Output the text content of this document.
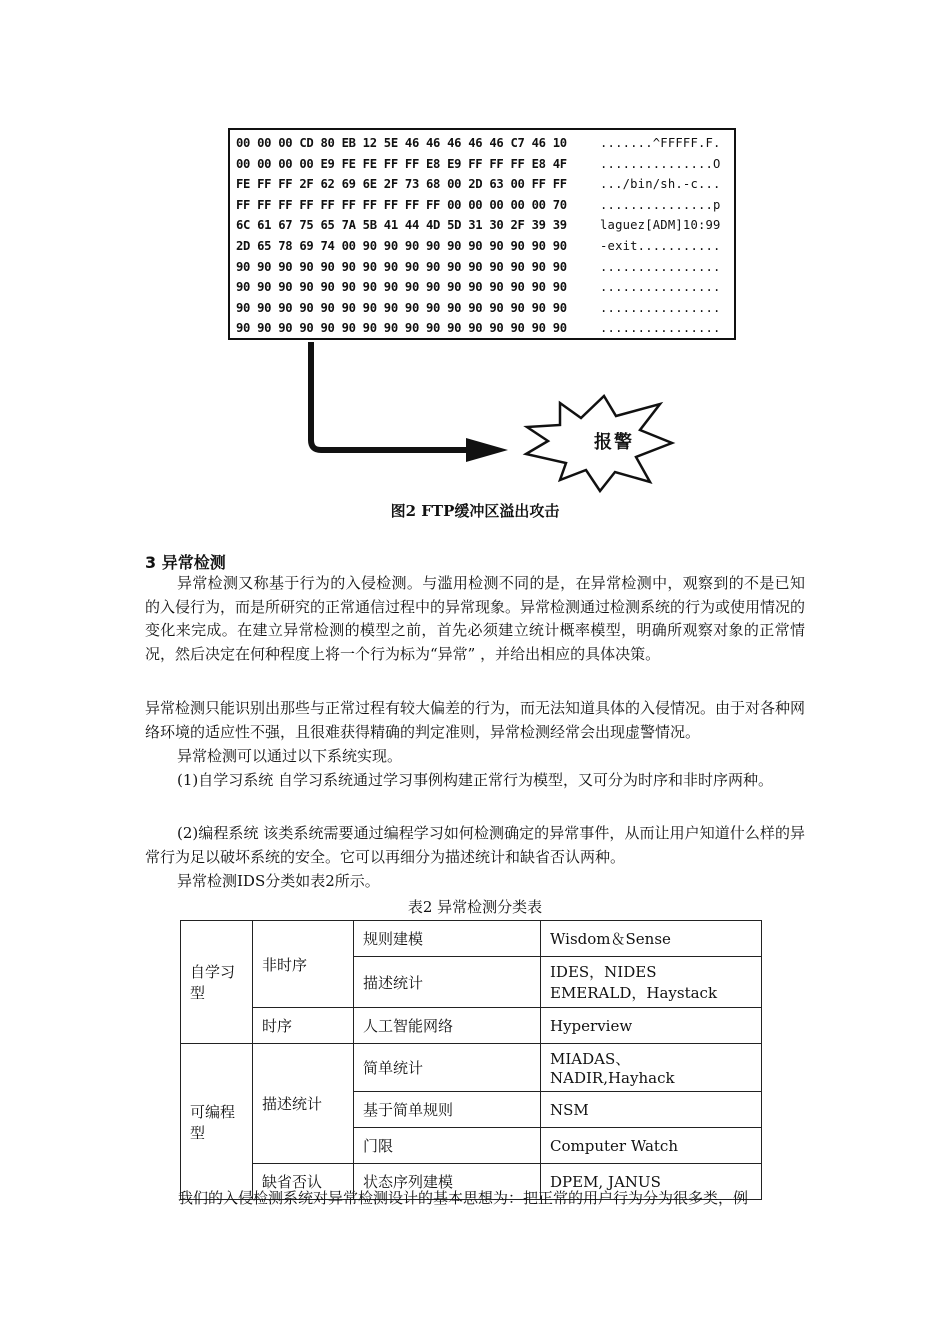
00 00 00 CD 80 EB 12 5E 46 46 46 46 46 C7 46 10	.......^FFFFF.F.
00 00 00 00 E9 FE FE FF FF E8 E9 FF FF FF E8 4F	...............O
FE FF FF 2F 62 69 6E 2F 73 68 00 2D 63 00 FF FF	.../bin/sh.-c...
FF FF FF FF FF FF FF FF FF FF 00 00 00 00 00 70	...............p
6C 61 67 75 65 7A 5B 41 44 4D 5D 31 30 2F 39 39	laguez[ADM]10:99
2D 65 78 69 74 00 90 90 90 90 90 90 90 90 90 90	-exit...........
90 90 90 90 90 90 90 90 90 90 90 90 90 90 90 90	................
90 90 90 90 90 90 90 90 90 90 90 90 90 90 90 90	................
90 90 90 90 90 90 90 90 90 90 90 90 90 90 90 90	................
90 90 90 90 90 90 90 90 90 90 90 90 90 90 90 90	................
报警
图2 FTP缓冲区溢出攻击
3 异常检测
异常检测又称基于行为的入侵检测。与滥用检测不同的是，在异常检测中，观察到的不是已知的入侵行为，而是所研究的正常通信过程中的异常现象。异常检测通过检测系统的行为或使用情况的变化来完成。在建立异常检测的模型之前，首先必须建立统计概率模型，明确所观察对象的正常情况，然后决定在何种程度上将一个行为标为“异常” ，并给出相应的具体决策。
异常检测只能识别出那些与正常过程有较大偏差的行为，而无法知道具体的入侵情况。由于对各种网络环境的适应性不强，且很难获得精确的判定准则，异常检测经常会出现虚警情况。
异常检测可以通过以下系统实现。
(1)自学习系统 自学习系统通过学习事例构建正常行为模型，又可分为时序和非时序两种。
(2)编程系统 该类系统需要通过编程学习如何检测确定的异常事件，从而让用户知道什么样的异常行为足以破坏系统的安全。它可以再细分为描述统计和缺省否认两种。
异常检测IDS分类如表2所示。
表2 异常检测分类表
自学习型	非时序	规则建模	Wisdom＆Sense
		描述统计	IDES，NIDES
EMERALD，Haystack

	时序	人工智能网络	Hyperview
可编程型	描述统计	简单统计	MIADAS、NADIR,Hayhack
		基于简单规则	NSM
		门限	Computer Watch
	缺省否认	状态序列建模	DPEM, JANUS
我们的入侵检测系统对异常检测设计的基本思想为：把正常的用户行为分为很多类，例
